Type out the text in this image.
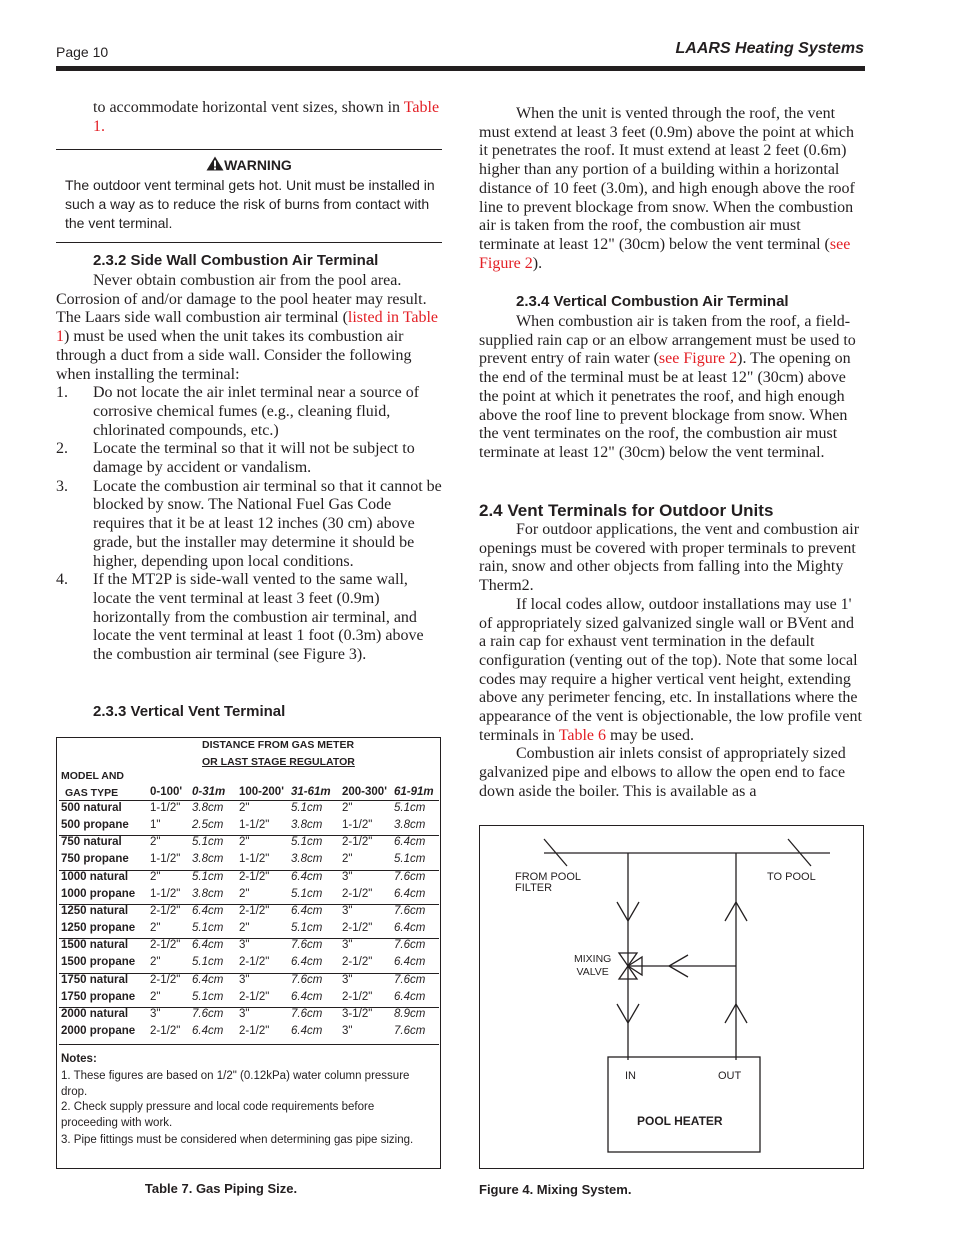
Page 10	LAARS Heating Systems
to accommodate horizontal vent sizes, shown in Table 1.
WARNING
The outdoor vent terminal gets hot. Unit must be installed in such a way as to reduce the risk of burns from contact with the vent terminal.
2.3.2 Side Wall Combustion Air Terminal
Never obtain combustion air from the pool area. Corrosion of and/or damage to the pool heater may result. The Laars side wall combustion air terminal (listed in Table 1) must be used when the unit takes its combustion air through a duct from a side wall. Consider the following when installing the terminal:
1.	Do not locate the air inlet terminal near a source of corrosive chemical fumes (e.g., cleaning fluid, chlorinated compounds, etc.)
2.	Locate the terminal so that it will not be subject to damage by accident or vandalism.
3.	Locate the combustion air terminal so that it cannot be blocked by snow. The National Fuel Gas Code requires that it be at least 12 inches (30 cm) above grade, but the installer may determine it should be higher, depending upon local conditions.
4.	If the MT2P is side-wall vented to the same wall, locate the vent terminal at least 3 feet (0.9m) horizontally from the combustion air terminal, and locate the vent terminal at least 1 foot (0.3m) above the combustion air terminal (see Figure 3).
2.3.3 Vertical Vent Terminal
DISTANCE FROM GAS METER
OR LAST STAGE REGULATOR
MODEL AND
GAS TYPE	0-100' 0-31m 100-200' 31-61m 200-300' 61-91m
500 natural 1-1/2" 3.8cm 2"	5.1cm 2"	5.1cm
500 propane 1"	2.5cm 1-1/2" 3.8cm 1-1/2" 3.8cm
750 natural 2"	5.1cm 2"	5.1cm 2-1/2" 6.4cm
750 propane 1-1/2" 3.8cm 1-1/2" 3.8cm 2"	5.1cm
1000 natural 2"	5.1cm 2-1/2" 6.4cm 3"	7.6cm
1000 propane 1-1/2" 3.8cm 2"	5.1cm 2-1/2" 6.4cm
1250 natural 2-1/2" 6.4cm 2-1/2" 6.4cm 3"	7.6cm
1250 propane 2"	5.1cm 2"	5.1cm 2-1/2" 6.4cm
1500 natural 2-1/2" 6.4cm 3"	7.6cm 3"	7.6cm
1500 propane 2"	5.1cm 2-1/2" 6.4cm 2-1/2" 6.4cm
1750 natural 2-1/2" 6.4cm 3"	7.6cm 3"	7.6cm
1750 propane 2"	5.1cm 2-1/2" 6.4cm 2-1/2" 6.4cm
2000 natural 3"	7.6cm 3"	7.6cm 3-1/2" 8.9cm
2000 propane 2-1/2" 6.4cm 2-1/2" 6.4cm 3"	7.6cm
Notes:
1. These figures are based on 1/2" (0.12kPa) water column pressure drop.
2. Check supply pressure and local code requirements before proceeding with work.
3. Pipe fittings must be considered when determining gas pipe sizing.
Table 7. Gas Piping Size.
When the unit is vented through the roof, the vent must extend at least 3 feet (0.9m) above the point at which it penetrates the roof. It must extend at least 2 feet (0.6m) higher than any portion of a building within a horizontal distance of 10 feet (3.0m), and high enough above the roof line to prevent blockage from snow. When the combustion air is taken from the roof, the combustion air must terminate at least 12" (30cm) below the vent terminal (see Figure 2).
2.3.4 Vertical Combustion Air Terminal
When combustion air is taken from the roof, a field-supplied rain cap or an elbow arrangement must be used to prevent entry of rain water (see Figure 2). The opening on the end of the terminal must be at least 12" (30cm) above the point at which it penetrates the roof, and high enough above the roof line to prevent blockage from snow. When the vent terminates on the roof, the combustion air must terminate at least 12" (30cm) below the vent terminal.
2.4 Vent Terminals for Outdoor Units

For outdoor applications, the vent and combustion air openings must be covered with proper terminals to prevent rain, snow and other objects from falling into the Mighty Therm2.

If local codes allow, outdoor installations may use 1' of appropriately sized galvanized single wall or BVent and a rain cap for exhaust vent termination in the default configuration (venting out of the top). Note that some local codes may require a higher vertical vent height, extending above any perimeter fencing, etc. In installations where the appearance of the vent is objectionable, the low profile vent terminals in Table 6 may be used.

Combustion air inlets consist of appropriately sized galvanized pipe and elbows to allow the open end to face down aside the boiler. This is available as a

FROM POOL
FILTER
TO POOL
MIXING
VALVE
IN	OUT
POOL HEATER
Figure 4. Mixing System.
